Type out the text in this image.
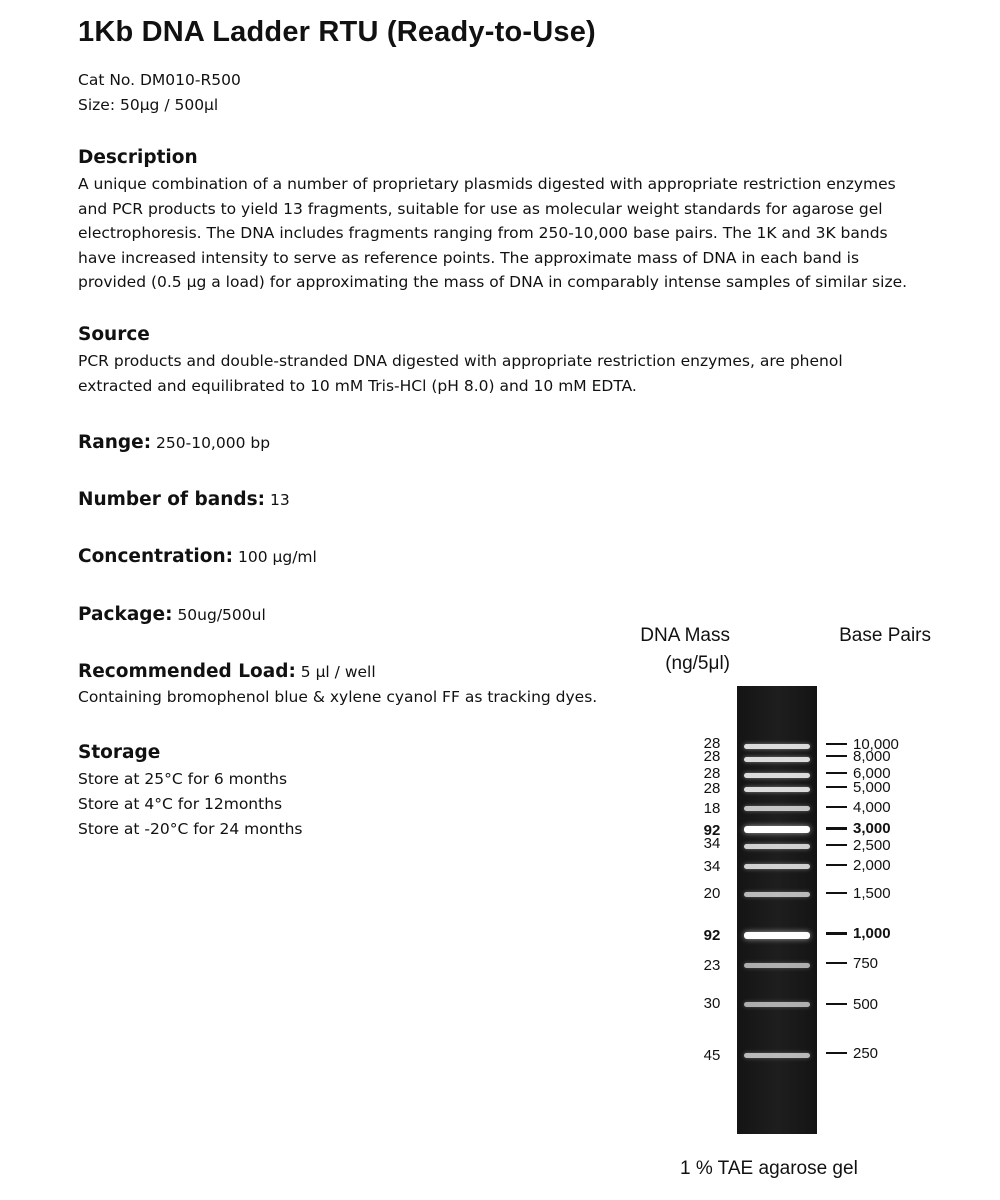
1Kb DNA Ladder RTU (Ready-to-Use)
Cat No. DM010-R500
Size: 50μg / 500μl
Description
A unique combination of a number of proprietary plasmids digested with appropriate restriction enzymes
and PCR products to yield 13 fragments, suitable for use as molecular weight standards for agarose gel
electrophoresis. The DNA includes fragments ranging from 250-10,000 base pairs. The 1K and 3K bands
have increased intensity to serve as reference points. The approximate mass of DNA in each band is
provided (0.5 μg a load) for approximating the mass of DNA in comparably intense samples of similar size.
Source
PCR products and double-stranded DNA digested with appropriate restriction enzymes, are phenol
extracted and equilibrated to 10 mM Tris-HCl (pH 8.0) and 10 mM EDTA.
Range: 250-10,000 bp
Number of bands: 13
Concentration: 100 μg/ml
Package: 50ug/500ul
Recommended Load: 5 μl / well
Containing bromophenol blue & xylene cyanol FF as tracking dyes.
Storage
Store at 25°C for 6 months
Store at 4°C for 12months
Store at -20°C for 24 months
DNA Mass
(ng/5μl)
Base Pairs
28	10,000
28	8,000
28	6,000
28	5,000
18	4,000
92	3,000
34	2,500
34	2,000
20	1,500
92	1,000
23	750
30	500
45	250
1 % TAE agarose gel
